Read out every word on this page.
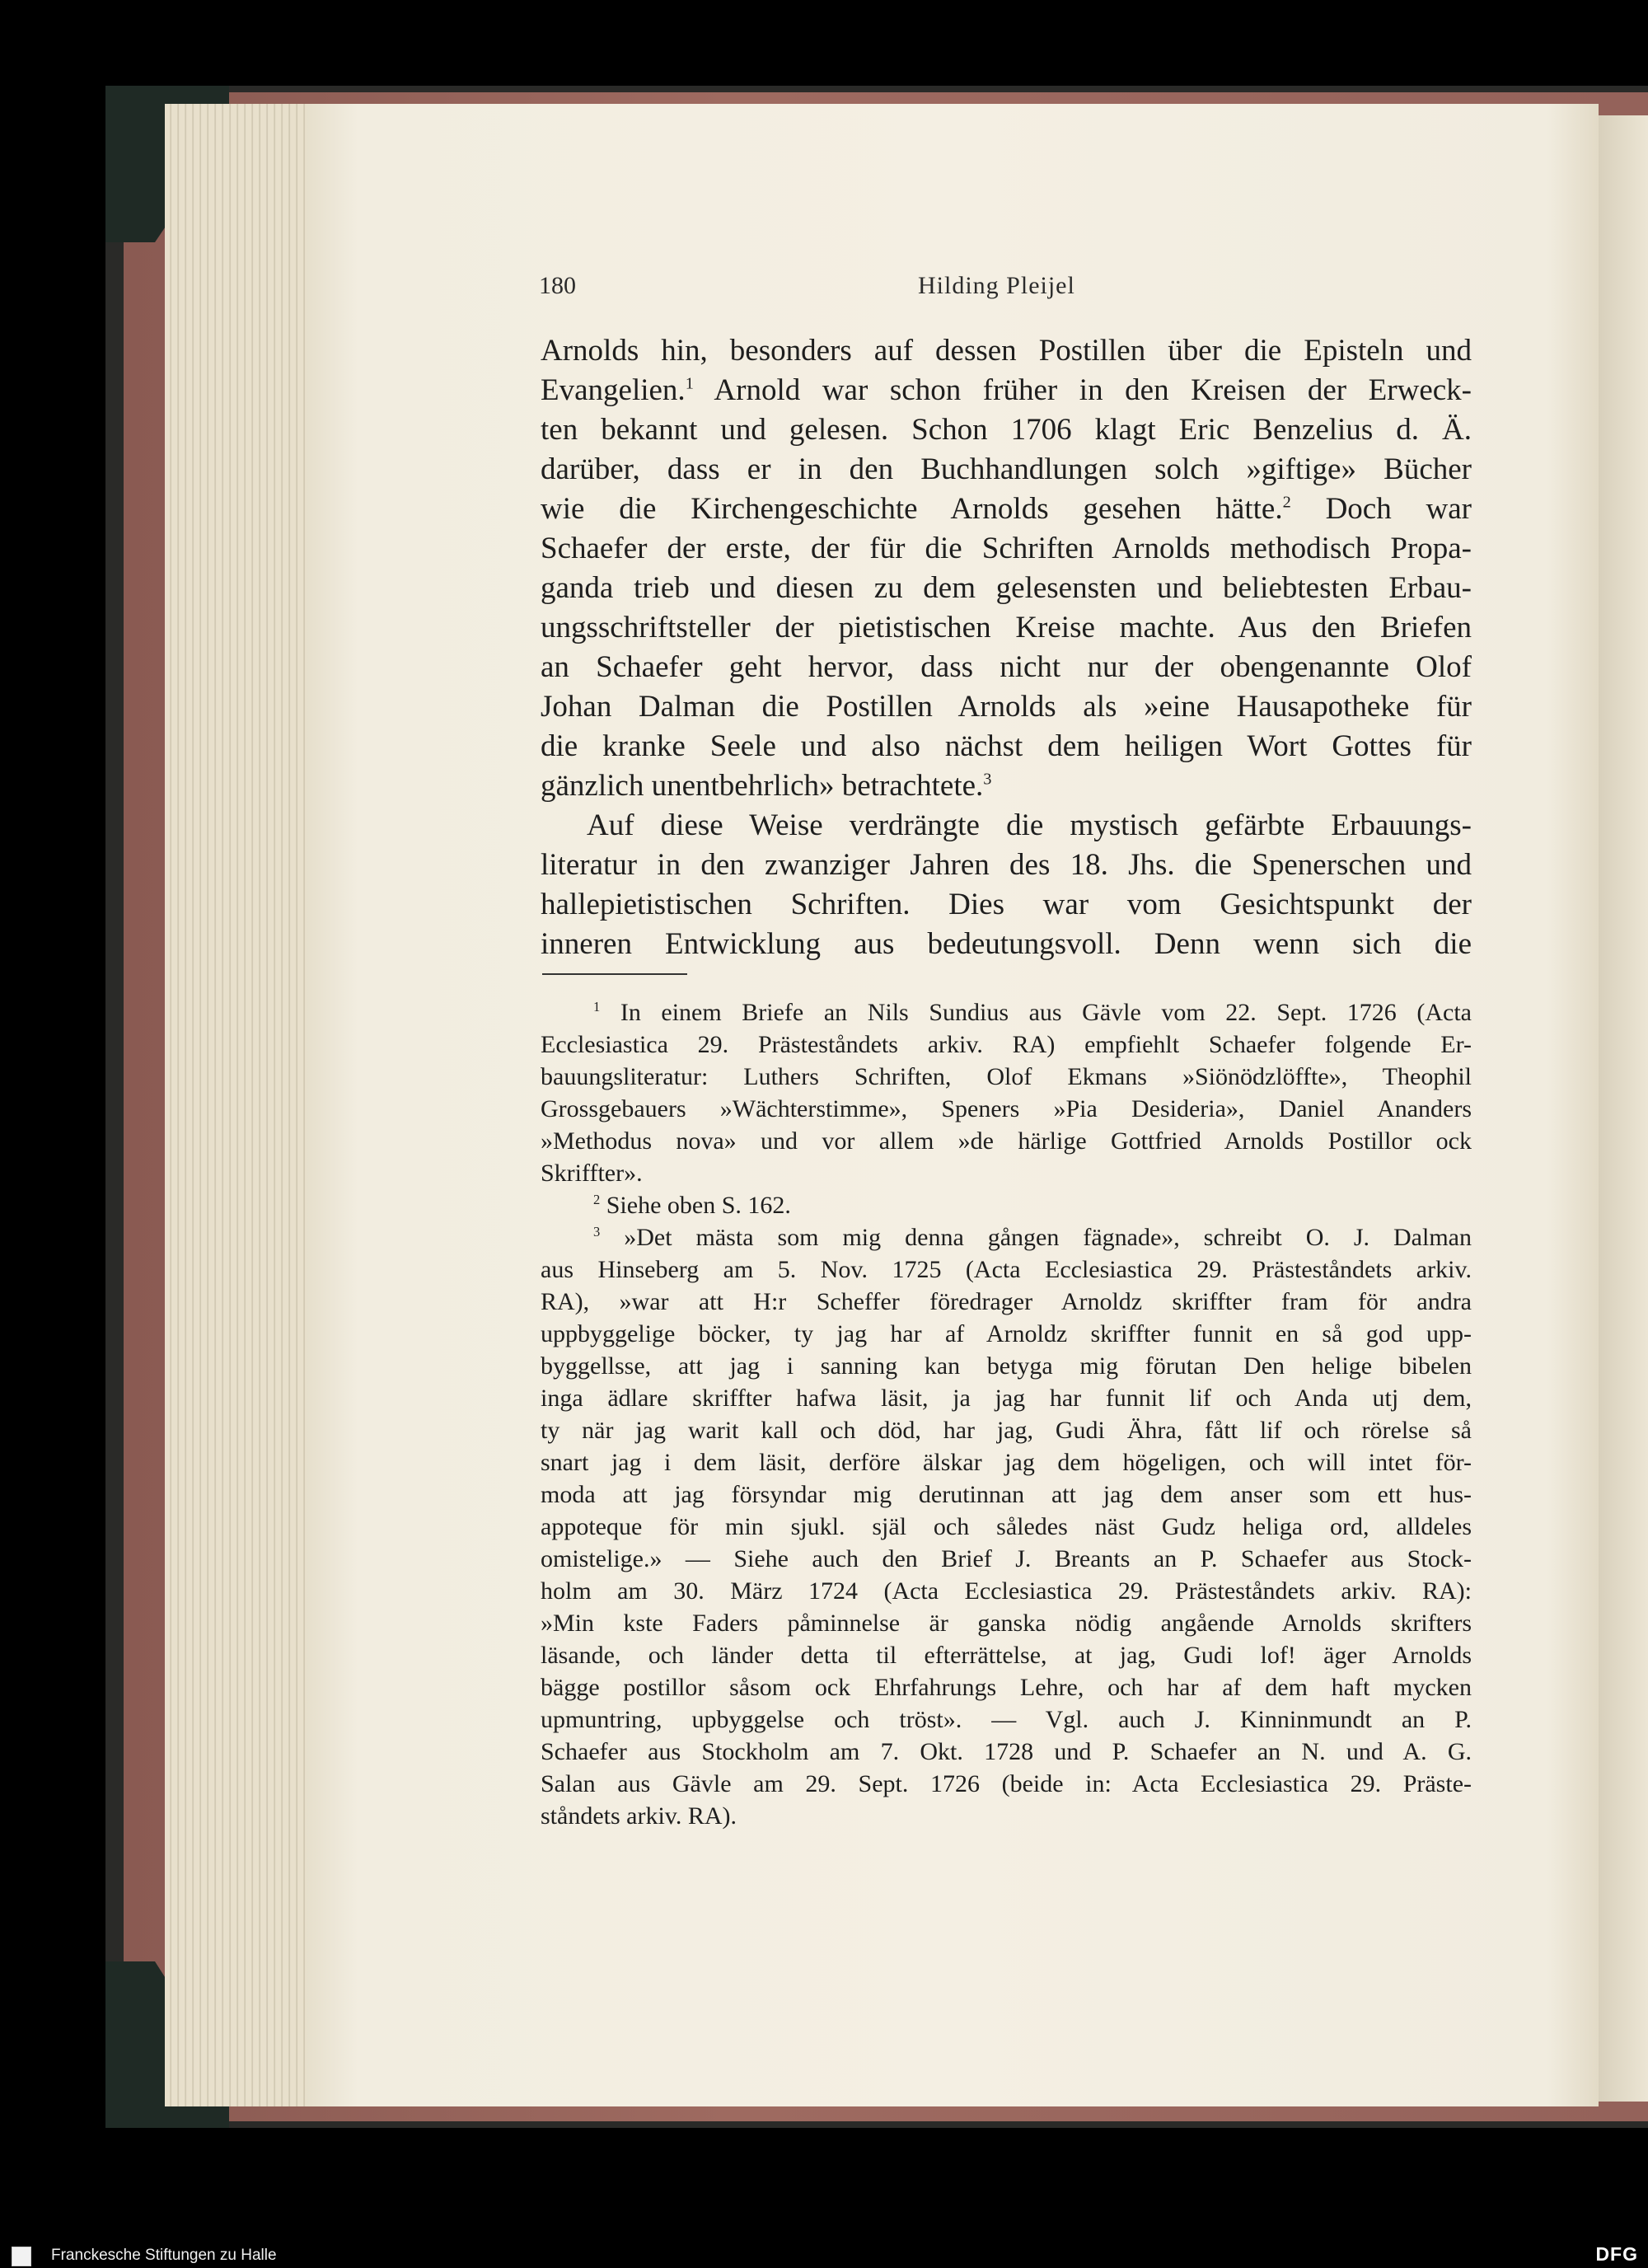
180	Hilding Pleijel
Arnolds hin, besonders auf dessen Postillen über die Episteln und
Evangelien.$^1$ Arnold war schon früher in den Kreisen der Erweck-
ten bekannt und gelesen. Schon 1706 klagt Eric Benzelius d. Ä.
darüber, dass er in den Buchhandlungen solch »giftige» Bücher
wie die Kirchengeschichte Arnolds gesehen hätte.$^2$ Doch war
Schaefer der erste, der für die Schriften Arnolds methodisch Propa-
ganda trieb und diesen zu dem gelesensten und beliebtesten Erbau-
ungsschriftsteller der pietistischen Kreise machte. Aus den Briefen
an Schaefer geht hervor, dass nicht nur der obengenannte Olof
Johan Dalman die Postillen Arnolds als »eine Hausapotheke für
die kranke Seele und also nächst dem heiligen Wort Gottes für
gänzlich unentbehrlich» betrachtete.$^3$
Auf diese Weise verdrängte die mystisch gefärbte Erbauungs-
literatur in den zwanziger Jahren des 18. Jhs. die Spenerschen und
hallepietistischen Schriften. Dies war vom Gesichtspunkt der
inneren Entwicklung aus bedeutungsvoll. Denn wenn sich die
$^1$ In einem Briefe an Nils Sundius aus Gävle vom 22. Sept. 1726 (Acta
Ecclesiastica 29. Prästeståndets arkiv. RA) empfiehlt Schaefer folgende Er-
bauungsliteratur: Luthers Schriften, Olof Ekmans »Siönödzlöffte», Theophil
Grossgebauers »Wächterstimme», Speners »Pia Desideria», Daniel Ananders
»Methodus nova» und vor allem »de härlige Gottfried Arnolds Postillor ock
Skriffter».
$^2$ Siehe oben S. 162.
$^3$ »Det mästa som mig denna gången fägnade», schreibt O. J. Dalman
aus Hinseberg am 5. Nov. 1725 (Acta Ecclesiastica 29. Prästeståndets arkiv.
RA), »war att H:r Scheffer föredrager Arnoldz skriffter fram för andra
uppbyggelige böcker, ty jag har af Arnoldz skriffter funnit en så god upp-
byggellsse, att jag i sanning kan betyga mig förutan Den helige bibelen
inga ädlare skriffter hafwa läsit, ja jag har funnit lif och Anda utj dem,
ty när jag warit kall och död, har jag, Gudi Ähra, fått lif och rörelse så
snart jag i dem läsit, derföre älskar jag dem högeligen, och will intet för-
moda att jag försyndar mig derutinnan att jag dem anser som ett hus-
appoteque för min sjukl. själ och således näst Gudz heliga ord, alldeles
omistelige.» — Siehe auch den Brief J. Breants an P. Schaefer aus Stock-
holm am 30. März 1724 (Acta Ecclesiastica 29. Prästeståndets arkiv. RA):
»Min kste Faders påminnelse är ganska nödig angående Arnolds skrifters
läsande, och länder detta til efterrättelse, at jag, Gudi lof! äger Arnolds
bägge postillor såsom ock Ehrfahrungs Lehre, och har af dem haft mycken
upmuntring, upbyggelse och tröst». — Vgl. auch J. Kinninmundt an P.
Schaefer aus Stockholm am 7. Okt. 1728 und P. Schaefer an N. und A. G.
Salan aus Gävle am 29. Sept. 1726 (beide in: Acta Ecclesiastica 29. Präste-
ståndets arkiv. RA).
Franckesche Stiftungen zu Halle	DFG
